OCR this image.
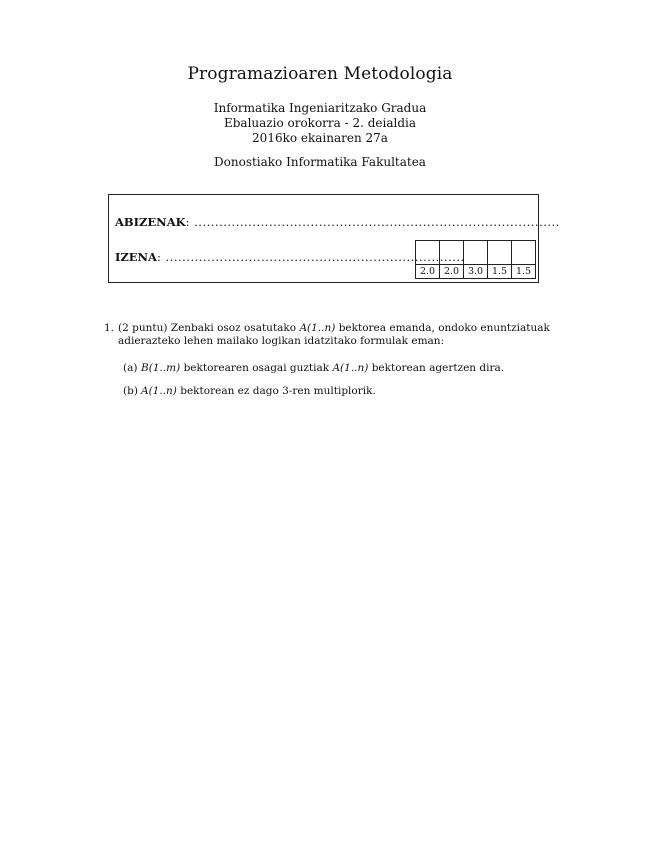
Programazioaren Metodologia
Informatika Ingeniaritzako Gradua
Ebaluazio orokorra - 2. deialdia
2016ko ekainaren 27a
Donostiako Informatika Fakultatea
ABIZENAK: ........................................................................................
IZENA: ........................................................................

2.0	2.0	3.0	1.5	1.5
1. (2 puntu) Zenbaki osoz osatutako A(1..n) bektorea emanda, ondoko enuntziatuak adierazteko lehen mailako logikan idatzitako formulak eman:
(a) B(1..m) bektorearen osagai guztiak A(1..n) bektorean agertzen dira.
(b) A(1..n) bektorean ez dago 3-ren multiplorik.
